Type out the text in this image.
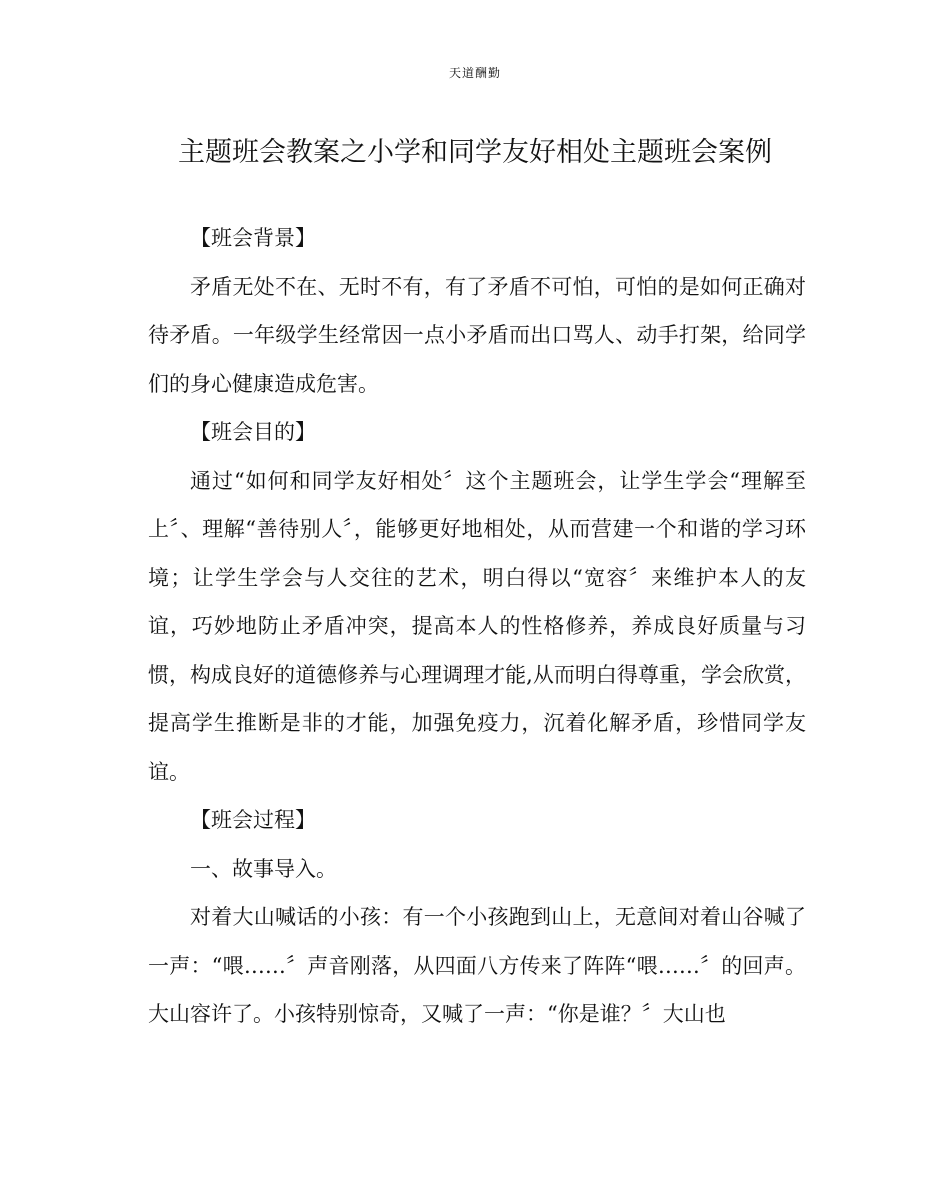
天道酬勤
主题班会教案之小学和同学友好相处主题班会案例

【班会背景】

矛盾无处不在、无时不有，有了矛盾不可怕，可怕的是如何正确对待矛盾。一年级学生经常因一点小矛盾而出口骂人、动手打架，给同学们的身心健康造成危害。

【班会目的】

通过“如何和同学友好相处〞这个主题班会，让学生学会“理解至上〞、理解“善待别人〞，能够更好地相处，从而营建一个和谐的学习环境；让学生学会与人交往的艺术，明白得以“宽容〞来维护本人的友谊，巧妙地防止矛盾冲突，提高本人的性格修养，养成良好质量与习惯，构成良好的道德修养与心理调理才能,从而明白得尊重，学会欣赏，提高学生推断是非的才能，加强免疫力，沉着化解矛盾，珍惜同学友谊。

【班会过程】

一、故事导入。

对着大山喊话的小孩：有一个小孩跑到山上，无意间对着山谷喊了一声：“喂……〞声音刚落，从四面八方传来了阵阵“喂……〞的回声。大山容许了。小孩特别惊奇，又喊了一声：“你是谁？〞大山也
